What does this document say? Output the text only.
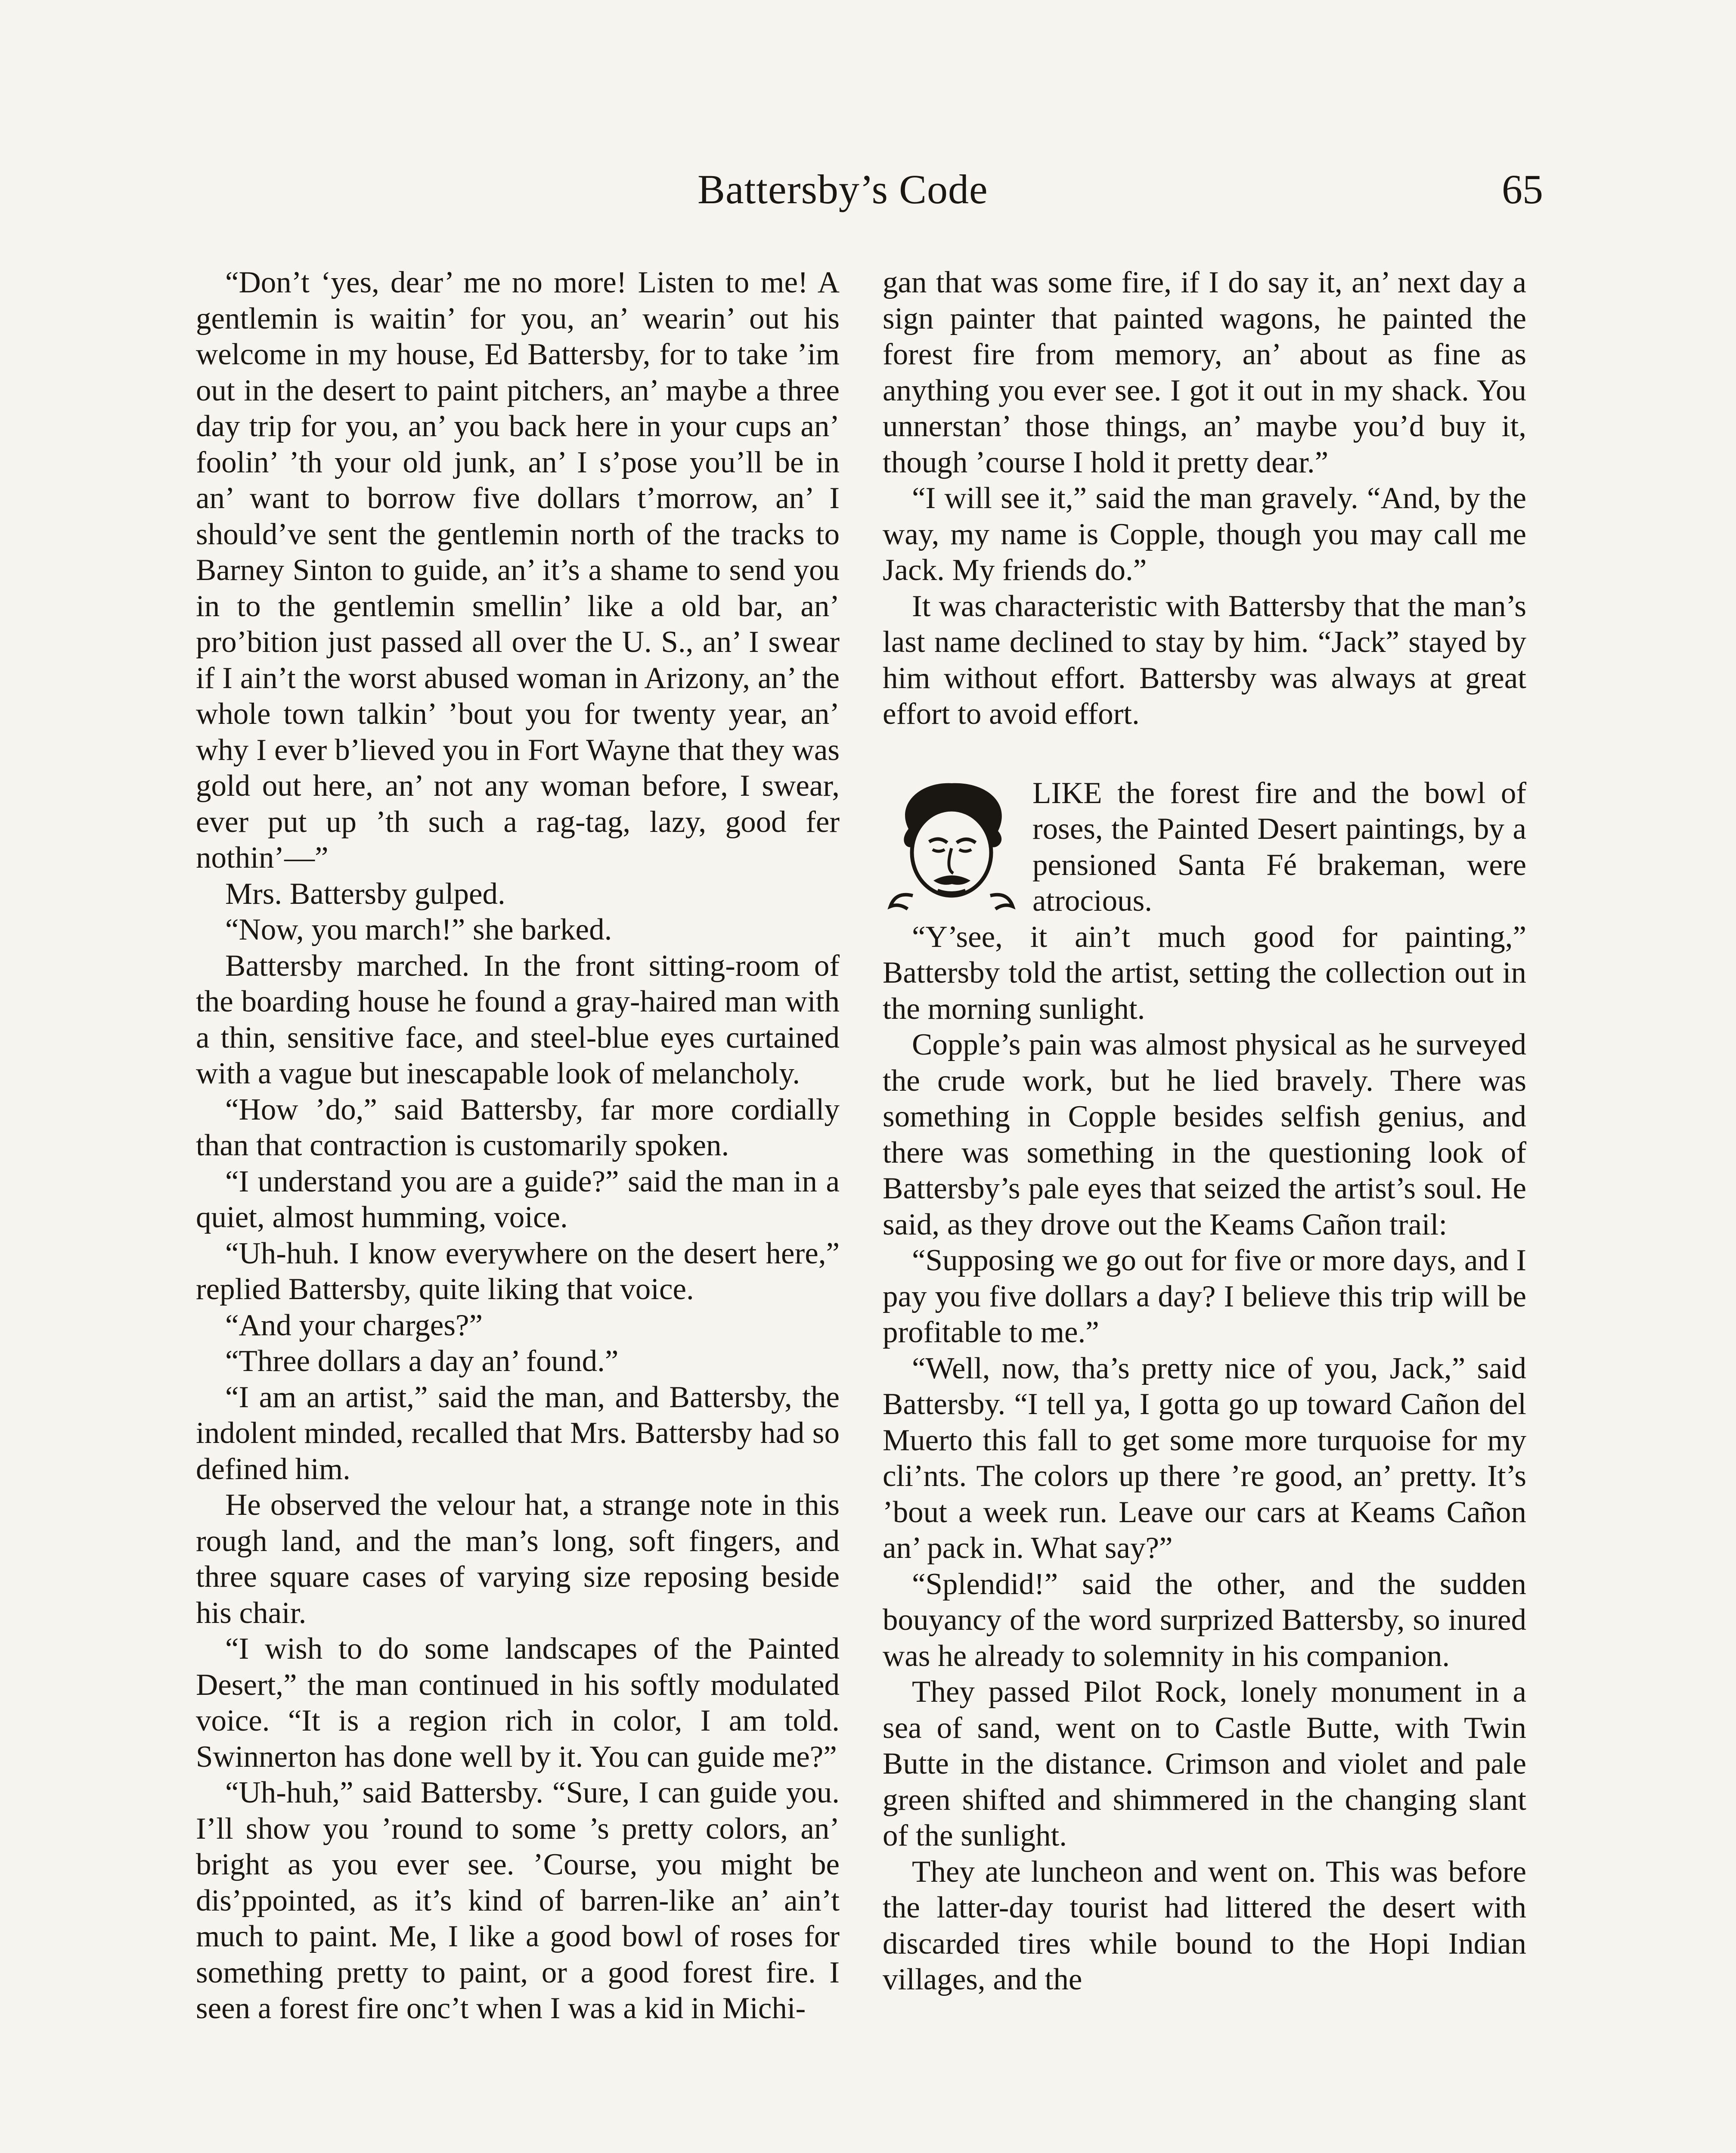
Battersby’s Code	65

“Don’t ‘yes, dear’ me no more! Listen to me! A gentlemin is waitin’ for you, an’ wearin’ out his welcome in my house, Ed Battersby, for to take ’im out in the desert to paint pitchers, an’ maybe a three day trip for you, an’ you back here in your cups an’ foolin’ ’th your old junk, an’ I s’pose you’ll be in an’ want to borrow five dollars t’morrow, an’ I should’ve sent the gentlemin north of the tracks to Barney Sinton to guide, an’ it’s a shame to send you in to the gentlemin smellin’ like a old bar, an’ pro’bition just passed all over the U. S., an’ I swear if I ain’t the worst abused woman in Arizony, an’ the whole town talkin’ ’bout you for twenty year, an’ why I ever b’lieved you in Fort Wayne that they was gold out here, an’ not any woman before, I swear, ever put up ’th such a rag-tag, lazy, good fer nothin’—”

Mrs. Battersby gulped.

“Now, you march!” she barked.

Battersby marched. In the front sitting-room of the boarding house he found a gray-haired man with a thin, sensitive face, and steel-blue eyes curtained with a vague but inescapable look of melancholy.

“How ’do,” said Battersby, far more cordially than that contraction is customarily spoken.

“I understand you are a guide?” said the man in a quiet, almost humming, voice.

“Uh-huh. I know everywhere on the desert here,” replied Battersby, quite liking that voice.

“And your charges?”

“Three dollars a day an’ found.”

“I am an artist,” said the man, and Battersby, the indolent minded, recalled that Mrs. Battersby had so defined him.

He observed the velour hat, a strange note in this rough land, and the man’s long, soft fingers, and three square cases of varying size reposing beside his chair.

“I wish to do some landscapes of the Painted Desert,” the man continued in his softly modulated voice. “It is a region rich in color, I am told. Swinnerton has done well by it. You can guide me?”

“Uh-huh,” said Battersby. “Sure, I can guide you. I’ll show you ’round to some ’s pretty colors, an’ bright as you ever see. ’Course, you might be dis’ppointed, as it’s kind of barren-like an’ ain’t much to paint. Me, I like a good bowl of roses for something pretty to paint, or a good forest fire. I seen a forest fire onc’t when I was a kid in Michi-

gan that was some fire, if I do say it, an’ next day a sign painter that painted wagons, he painted the forest fire from memory, an’ about as fine as anything you ever see. I got it out in my shack. You unnerstan’ those things, an’ maybe you’d buy it, though ’course I hold it pretty dear.”

“I will see it,” said the man gravely. “And, by the way, my name is Copple, though you may call me Jack. My friends do.”

It was characteristic with Battersby that the man’s last name declined to stay by him. “Jack” stayed by him without effort. Battersby was always at great effort to avoid effort.

LIKE the forest fire and the bowl of roses, the Painted Desert paintings, by a pensioned Santa Fé brakeman, were atrocious.

“Y’see, it ain’t much good for painting,” Battersby told the artist, setting the collection out in the morning sunlight.

Copple’s pain was almost physical as he surveyed the crude work, but he lied bravely. There was something in Copple besides selfish genius, and there was something in the questioning look of Battersby’s pale eyes that seized the artist’s soul. He said, as they drove out the Keams Cañon trail:

“Supposing we go out for five or more days, and I pay you five dollars a day? I believe this trip will be profitable to me.”

“Well, now, tha’s pretty nice of you, Jack,” said Battersby. “I tell ya, I gotta go up toward Cañon del Muerto this fall to get some more turquoise for my cli’nts. The colors up there ’re good, an’ pretty. It’s ’bout a week run. Leave our cars at Keams Cañon an’ pack in. What say?”

“Splendid!” said the other, and the sudden bouyancy of the word surprized Battersby, so inured was he already to solemnity in his companion.

They passed Pilot Rock, lonely monument in a sea of sand, went on to Castle Butte, with Twin Butte in the distance. Crimson and violet and pale green shifted and shimmered in the changing slant of the sunlight.

They ate luncheon and went on. This was before the latter-day tourist had littered the desert with discarded tires while bound to the Hopi Indian villages, and the
